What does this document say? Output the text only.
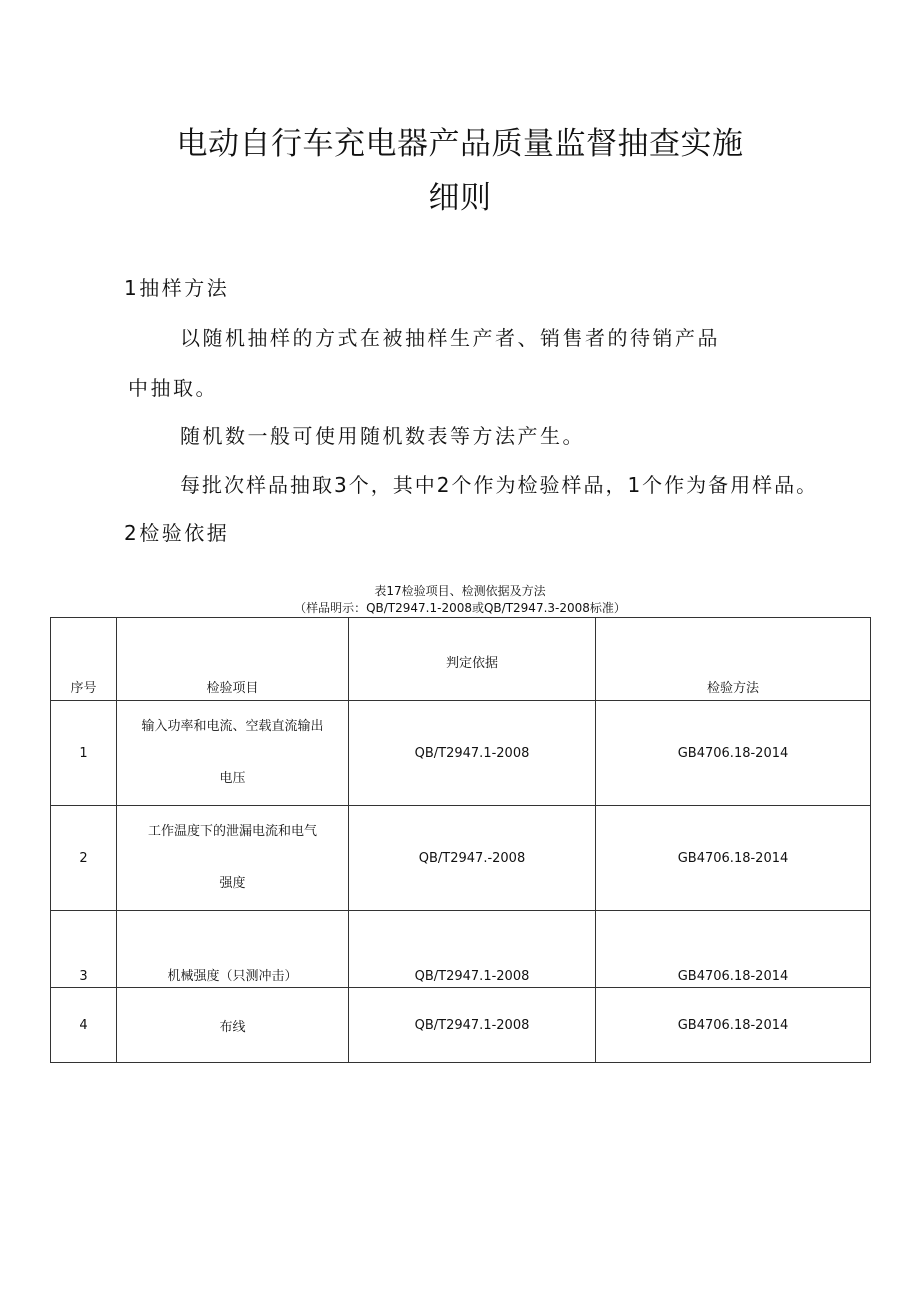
电动自行车充电器产品质量监督抽查实施
细则
1抽样方法
以随机抽样的方式在被抽样生产者、销售者的待销产品
中抽取。
随机数一般可使用随机数表等方法产生。
每批次样品抽取3个，其中2个作为检验样品，1个作为备用样品。
2检验依据
表17检验项目、检测依据及方法
（样品明示：QB/T2947.1-2008或QB/T2947.3-2008标准）
序号	检验项目	判定依据	检验方法

1	输入功率和电流、空载直流输出
电压	QB/T2947.1-2008	GB4706.18-2014
2	工作温度下的泄漏电流和电气
强度	QB/T2947.-2008	GB4706.18-2014

3	机械强度（只测冲击）	QB/T2947.1-2008	GB4706.18-2014

4	布线	QB/T2947.1-2008	GB4706.18-2014
